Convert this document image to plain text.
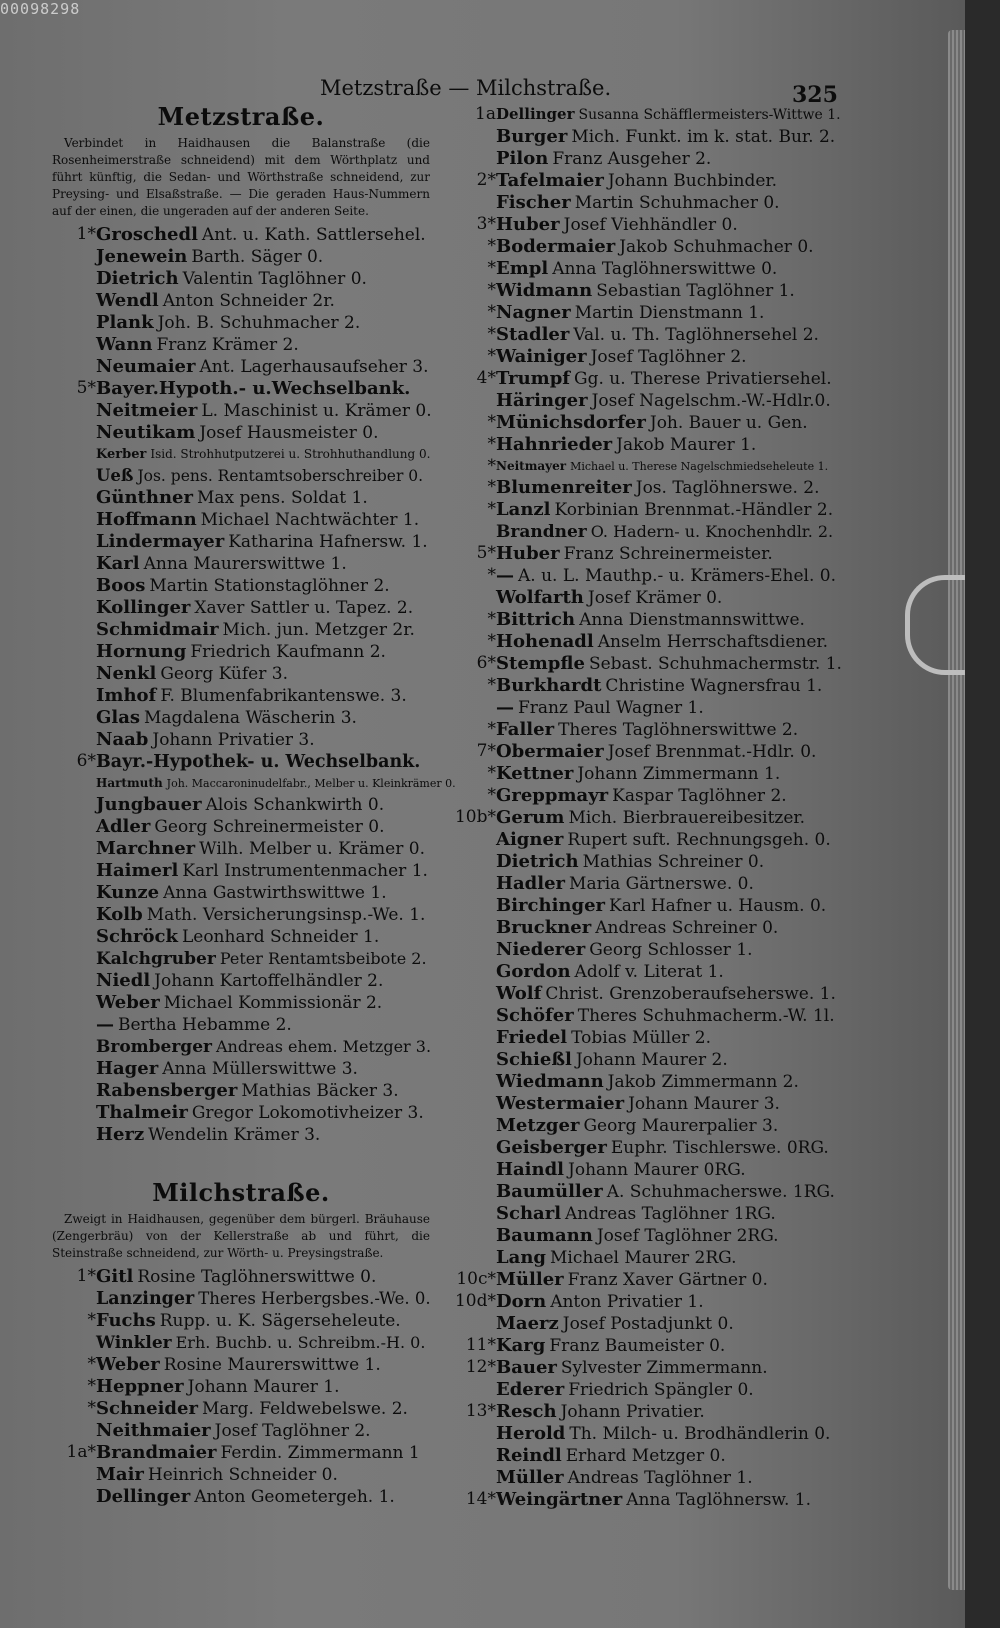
00098298
Metzstraße — Milchstraße.	325
Metzstraße.
Verbindet in Haidhausen die Balanstraße (die Rosenheimerstraße schneidend) mit dem Wörthplatz und führt künftig, die Sedan- und Wörthstraße schneidend, zur Preysing- und Elsaßstraße. — Die geraden Haus-Nummern auf der einen, die ungeraden auf der anderen Seite.
1* Groschedl Ant. u. Kath. Sattlersehel.
Jenewein Barth. Säger 0.
Dietrich Valentin Taglöhner 0.
Wendl Anton Schneider 2r.
Plank Joh. B. Schuhmacher 2.
Wann Franz Krämer 2.
Neumaier Ant. Lagerhausaufseher 3.
5* Bayer.Hypoth.- u.Wechselbank.
Neitmeier L. Maschinist u. Krämer 0.
Neutikam Josef Hausmeister 0.
Kerber Isid. Strohhutputzerei u. Strohhuthandlung 0.
Ueß Jos. pens. Rentamtsoberschreiber 0.
Günthner Max pens. Soldat 1.
Hoffmann Michael Nachtwächter 1.
Lindermayer Katharina Hafnersw. 1.
Karl Anna Maurerswittwe 1.
Boos Martin Stationstaglöhner 2.
Kollinger Xaver Sattler u. Tapez. 2.
Schmidmair Mich. jun. Metzger 2r.
Hornung Friedrich Kaufmann 2.
Nenkl Georg Küfer 3.
Imhof F. Blumenfabrikantenswe. 3.
Glas Magdalena Wäscherin 3.
Naab Johann Privatier 3.
6* Bayr.-Hypothek- u. Wechselbank.
Hartmuth Joh. Maccaroninudelfabr., Melber u. Kleinkrämer 0.
Jungbauer Alois Schankwirth 0.
Adler Georg Schreinermeister 0.
Marchner Wilh. Melber u. Krämer 0.
Haimerl Karl Instrumentenmacher 1.
Kunze Anna Gastwirthswittwe 1.
Kolb Math. Versicherungsinsp.-We. 1.
Schröck Leonhard Schneider 1.
Kalchgruber Peter Rentamtsbeibote 2.
Niedl Johann Kartoffelhändler 2.
Weber Michael Kommissionär 2.
— Bertha Hebamme 2.
Bromberger Andreas ehem. Metzger 3.
Hager Anna Müllerswittwe 3.
Rabensberger Mathias Bäcker 3.
Thalmeir Gregor Lokomotivheizer 3.
Herz Wendelin Krämer 3.
Milchstraße.
Zweigt in Haidhausen, gegenüber dem bürgerl. Bräuhause (Zengerbräu) von der Kellerstraße ab und führt, die Steinstraße schneidend, zur Wörth- u. Preysingstraße.
1* Gitl Rosine Taglöhnerswittwe 0.
Lanzinger Theres Herbergsbes.-We. 0.
* Fuchs Rupp. u. K. Sägerseheleute.
Winkler Erh. Buchb. u. Schreibm.-H. 0.
* Weber Rosine Maurerswittwe 1.
* Heppner Johann Maurer 1.
* Schneider Marg. Feldwebelswe. 2.
Neithmaier Josef Taglöhner 2.
1a* Brandmaier Ferdin. Zimmermann 1
Mair Heinrich Schneider 0.
Dellinger Anton Geometergeh. 1.
1a Dellinger Susanna Schäfflermeisters-Wittwe 1.
Burger Mich. Funkt. im k. stat. Bur. 2.
Pilon Franz Ausgeher 2.
2* Tafelmaier Johann Buchbinder.
Fischer Martin Schuhmacher 0.
3* Huber Josef Viehhändler 0.
* Bodermaier Jakob Schuhmacher 0.
* Empl Anna Taglöhnerswittwe 0.
* Widmann Sebastian Taglöhner 1.
* Nagner Martin Dienstmann 1.
* Stadler Val. u. Th. Taglöhnersehel 2.
* Wainiger Josef Taglöhner 2.
4* Trumpf Gg. u. Therese Privatiersehel.
Häringer Josef Nagelschm.-W.-Hdlr.0.
* Münichsdorfer Joh. Bauer u. Gen.
* Hahnrieder Jakob Maurer 1.
* Neitmayer Michael u. Therese Nagelschmiedseheleute 1.
* Blumenreiter Jos. Taglöhnerswe. 2.
* Lanzl Korbinian Brennmat.-Händler 2.
Brandner O. Hadern- u. Knochenhdlr. 2.
5* Huber Franz Schreinermeister.
* — A. u. L. Mauthp.- u. Krämers-Ehel. 0.
Wolfarth Josef Krämer 0.
* Bittrich Anna Dienstmannswittwe.
* Hohenadl Anselm Herrschaftsdiener.
6* Stempfle Sebast. Schuhmachermstr. 1.
* Burkhardt Christine Wagnersfrau 1.
— Franz Paul Wagner 1.
* Faller Theres Taglöhnerswittwe 2.
7* Obermaier Josef Brennmat.-Hdlr. 0.
* Kettner Johann Zimmermann 1.
* Greppmayr Kaspar Taglöhner 2.
10b* Gerum Mich. Bierbrauereibesitzer.
Aigner Rupert suft. Rechnungsgeh. 0.
Dietrich Mathias Schreiner 0.
Hadler Maria Gärtnerswe. 0.
Birchinger Karl Hafner u. Hausm. 0.
Bruckner Andreas Schreiner 0.
Niederer Georg Schlosser 1.
Gordon Adolf v. Literat 1.
Wolf Christ. Grenzoberaufseherswe. 1.
Schöfer Theres Schuhmacherm.-W. 1l.
Friedel Tobias Müller 2.
Schießl Johann Maurer 2.
Wiedmann Jakob Zimmermann 2.
Westermaier Johann Maurer 3.
Metzger Georg Maurerpalier 3.
Geisberger Euphr. Tischlerswe. 0RG.
Haindl Johann Maurer 0RG.
Baumüller A. Schuhmacherswe. 1RG.
Scharl Andreas Taglöhner 1RG.
Baumann Josef Taglöhner 2RG.
Lang Michael Maurer 2RG.
10c* Müller Franz Xaver Gärtner 0.
10d* Dorn Anton Privatier 1.
Maerz Josef Postadjunkt 0.
11* Karg Franz Baumeister 0.
12* Bauer Sylvester Zimmermann.
Ederer Friedrich Spängler 0.
13* Resch Johann Privatier.
Herold Th. Milch- u. Brodhändlerin 0.
Reindl Erhard Metzger 0.
Müller Andreas Taglöhner 1.
14* Weingärtner Anna Taglöhnersw. 1.
